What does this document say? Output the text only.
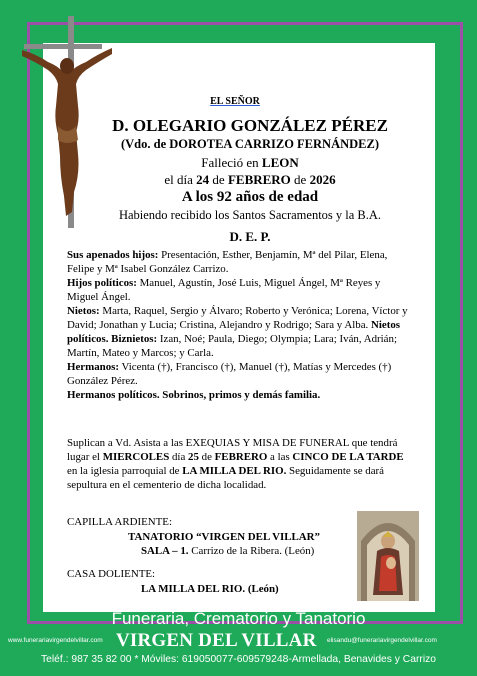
EL SEÑOR
D. OLEGARIO GONZÁLEZ PÉREZ
(Vdo. de DOROTEA CARRIZO FERNÁNDEZ)
Falleció en LEON
el día 24 de FEBRERO de 2026
A los 92 años de edad
Habiendo recibido los Santos Sacramentos y la B.A.
D. E. P.
Sus apenados hijos: Presentación, Esther, Benjamín, Mª del Pilar, Elena, Felipe y Mª Isabel González Carrizo.
Hijos políticos: Manuel, Agustín, José Luis, Miguel Ángel, Mª Reyes y Miguel Ángel.
Nietos: Marta, Raquel, Sergio y Álvaro; Roberto y Verónica; Lorena, Víctor y David; Jonathan y Lucia; Cristina, Alejandro y Rodrigo; Sara y Alba. Nietos políticos. Biznietos: Izan, Noé; Paula, Diego; Olympia; Lara; Iván, Adrián; Martín, Mateo y Marcos; y Carla.
Hermanos: Vicenta (†), Francisco (†), Manuel (†), Matías y Mercedes (†) González Pérez.
Hermanos políticos. Sobrinos, primos y demás familia.
Suplican a Vd. Asista a las EXEQUIAS Y MISA DE FUNERAL que tendrá lugar el MIERCOLES día 25 de FEBRERO a las CINCO DE LA TARDE en la iglesia parroquial de LA MILLA DEL RIO. Seguidamente se dará sepultura en el cementerio de dicha localidad.
CAPILLA ARDIENTE:
TANATORIO “VIRGEN DEL VILLAR”
SALA – 1. Carrizo de la Ribera. (León)
CASA DOLIENTE:
LA MILLA DEL RIO. (León)
Funeraria, Crematorio y Tanatorio
www.funerariavirgendelvillar.com VIRGEN DEL VILLAR elisandu@funerariavirgendelvillar.com
Teléf.: 987 35 82 00 * Móviles: 619050077-609579248-Armellada, Benavides y Carrizo
